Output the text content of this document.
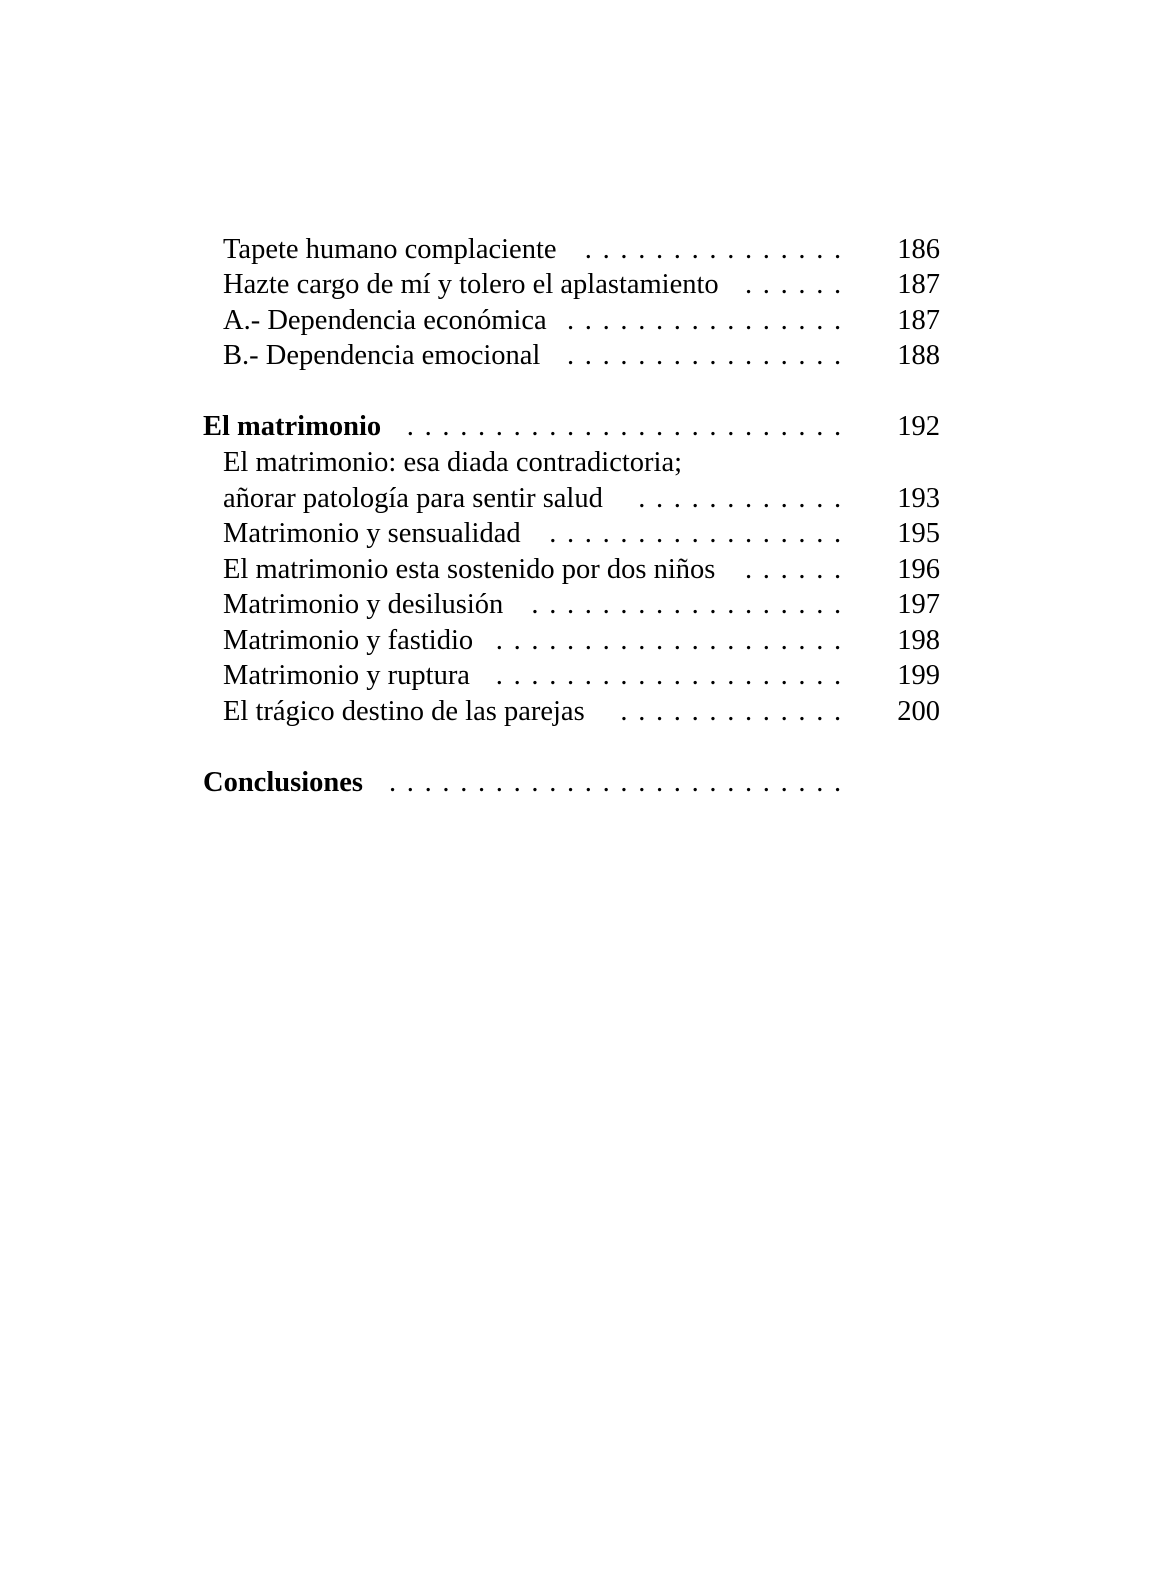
Tapete humano complaciente . . . . . . . . . . . . . . . 186
Hazte cargo de mí y tolero el aplastamiento . . . . . . 187
A.- Dependencia económica . . . . . . . . . . . . . . . . 187
B.- Dependencia emocional . . . . . . . . . . . . . . . . 188
El matrimonio . . . . . . . . . . . . . . . . . . . . . . . . . 192
El matrimonio: esa diada contradictoria;
añorar patología para sentir salud . . . . . . . . . . . . 193
Matrimonio y sensualidad . . . . . . . . . . . . . . . . . 195
El matrimonio esta sostenido por dos niños . . . . . . 196
Matrimonio y desilusión . . . . . . . . . . . . . . . . . . 197
Matrimonio y fastidio . . . . . . . . . . . . . . . . . . . . 198
Matrimonio y ruptura . . . . . . . . . . . . . . . . . . . . 199
El trágico destino de las parejas . . . . . . . . . . . . . 200
Conclusiones . . . . . . . . . . . . . . . . . . . . . . . . . .
